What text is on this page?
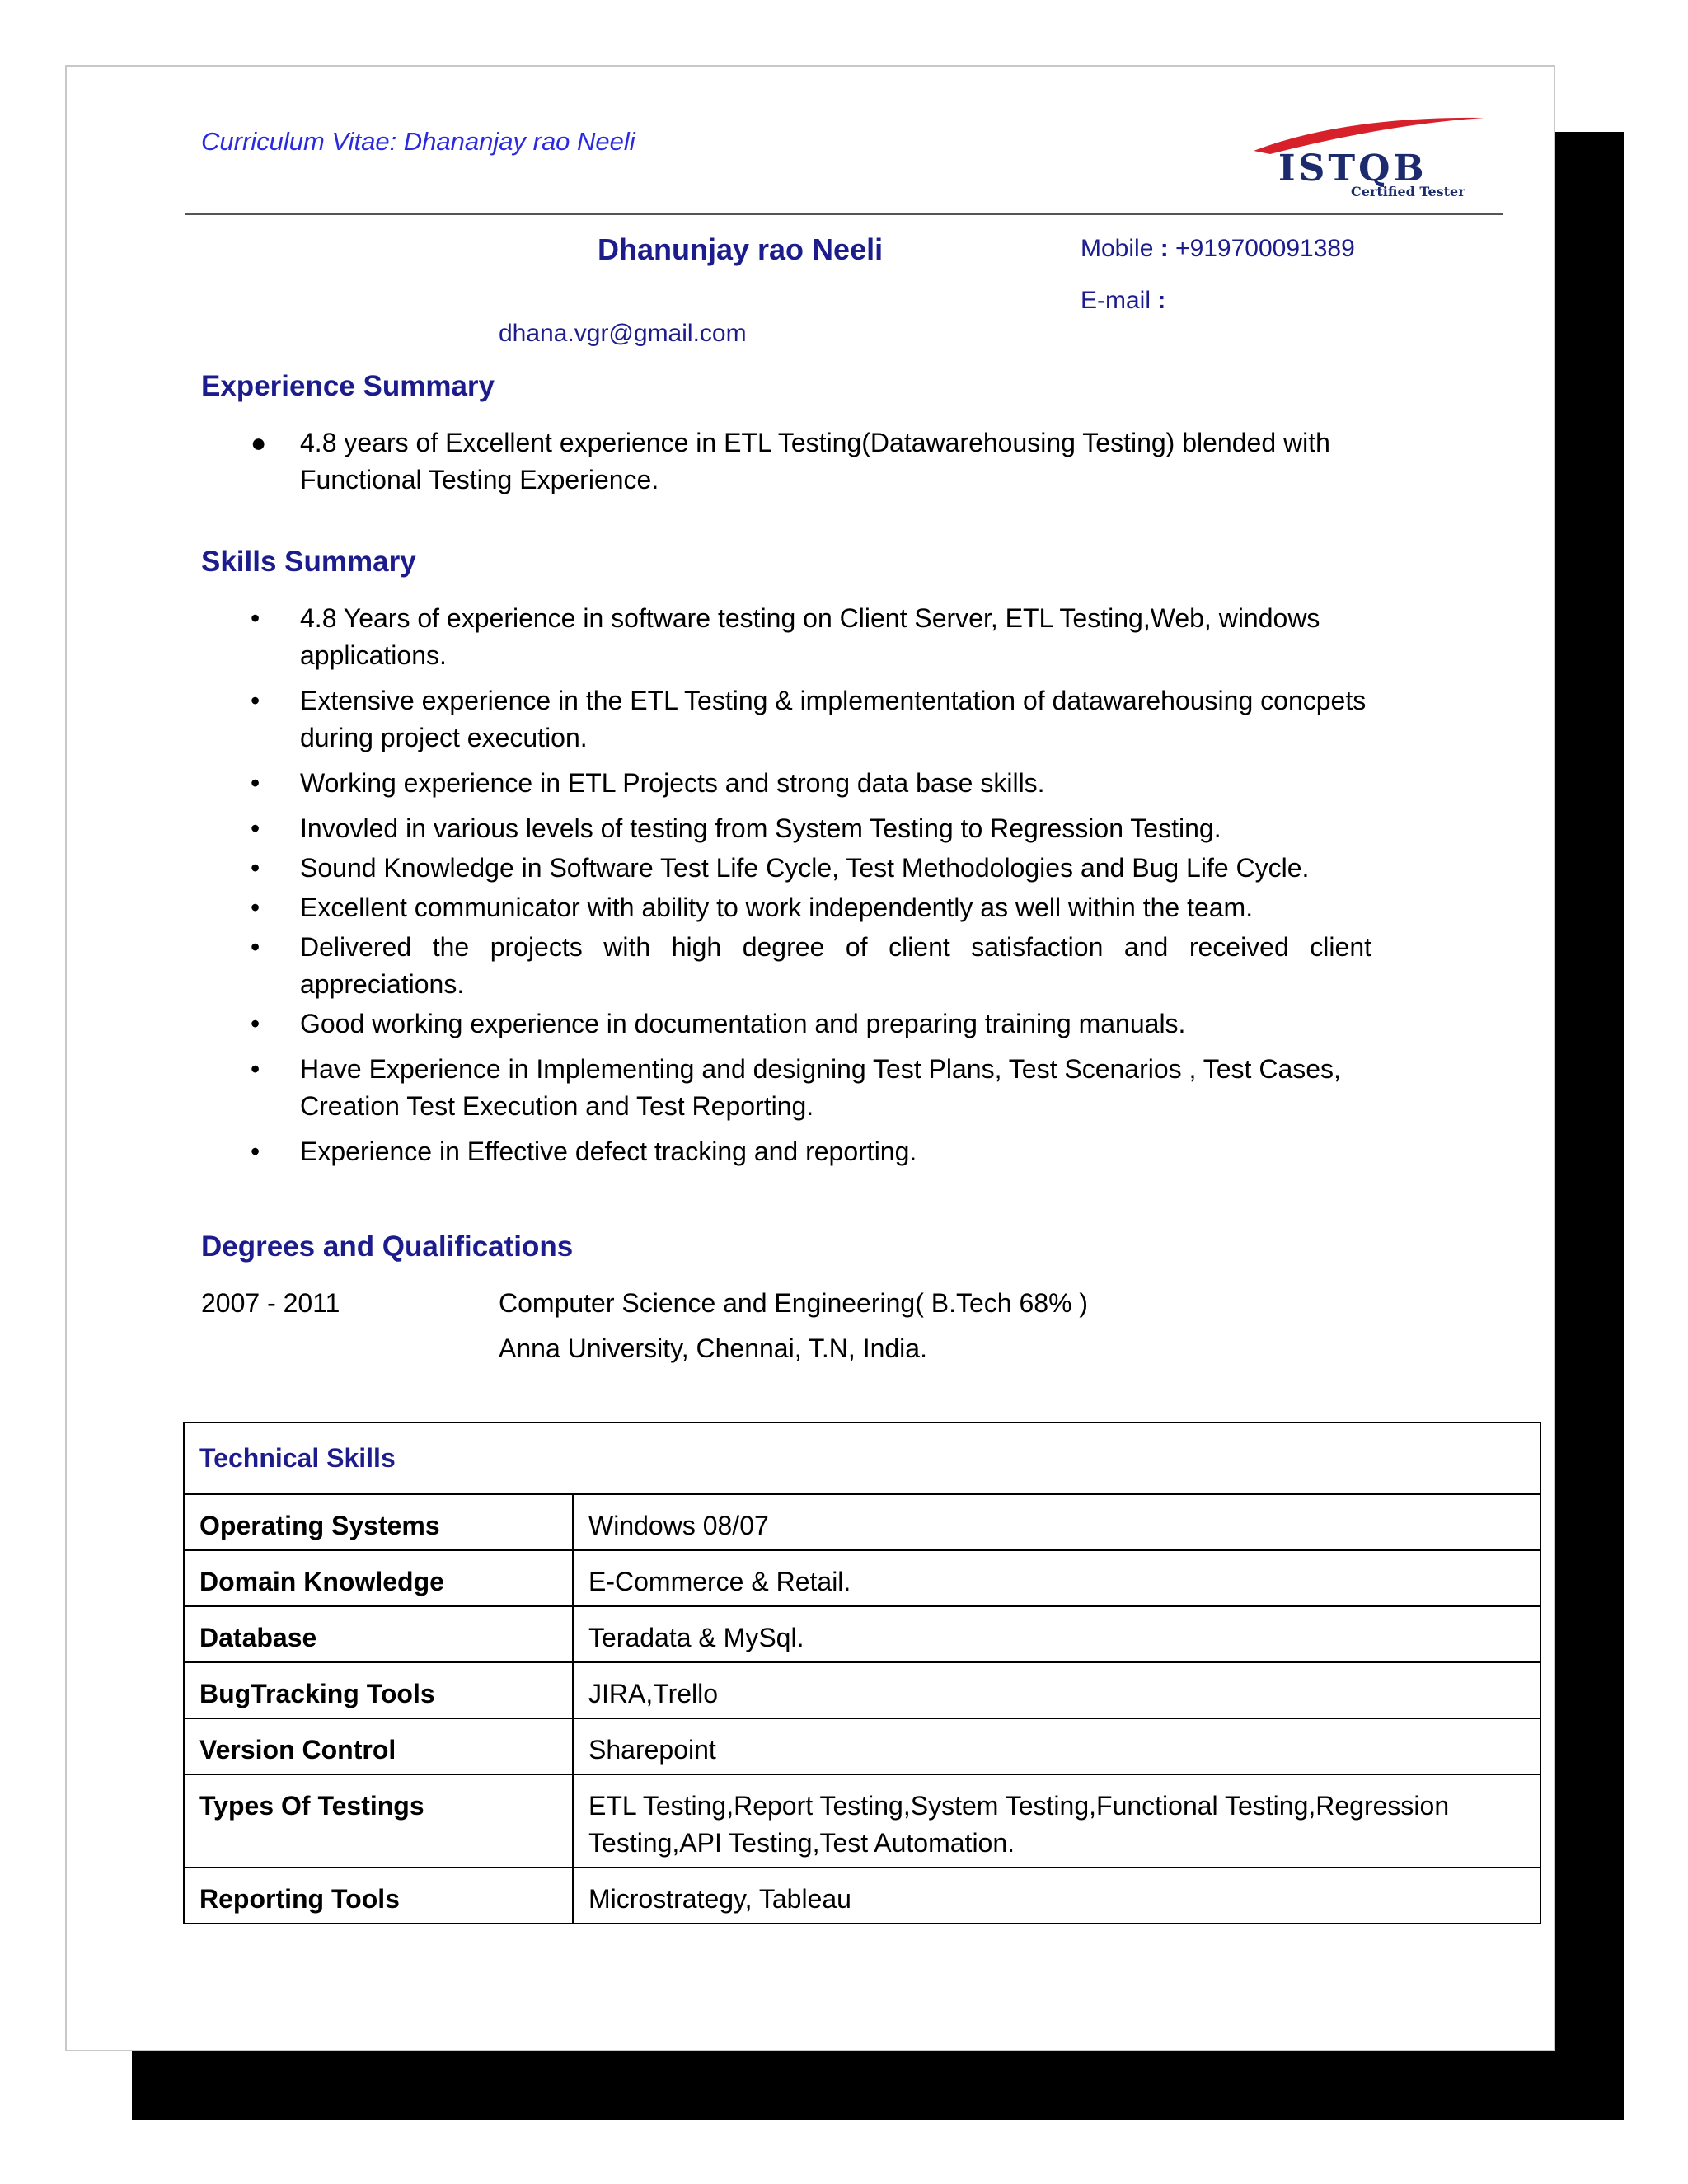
Curriculum Vitae: Dhananjay rao Neeli
ISTQB
Certified Tester
Dhanunjay rao Neeli	Mobile : +919700091389
E-mail :
dhana.vgr@gmail.com
Experience Summary
● 4.8 years of Excellent experience in ETL Testing(Datawarehousing Testing) blended with Functional Testing Experience.
Skills Summary
• 4.8 Years of experience in software testing on Client Server, ETL Testing,Web, windows applications.
• Extensive experience in the ETL Testing & implemententation of datawarehousing concpets during project execution.
• Working experience in ETL Projects and strong data base skills.
• Invovled in various levels of testing from System Testing to Regression Testing.
• Sound Knowledge in Software Test Life Cycle, Test Methodologies and Bug Life Cycle.
• Excellent communicator with ability to work independently as well within the team.
• Delivered the projects with high degree of client satisfaction and received client appreciations.
• Good working experience in documentation and preparing training manuals.
• Have Experience in Implementing and designing Test Plans, Test Scenarios , Test Cases, Creation Test Execution and Test Reporting.
• Experience in Effective defect tracking and reporting.
Degrees and Qualifications
2007 - 2011	Computer Science and Engineering( B.Tech 68% )
Anna University, Chennai, T.N, India.
Technical Skills	
Operating Systems	Windows 08/07
Domain Knowledge	E-Commerce & Retail.
Database	Teradata & MySql.
BugTracking Tools	JIRA,Trello
Version Control	Sharepoint
Types Of Testings	ETL Testing,Report Testing,System Testing,Functional Testing,Regression Testing,API Testing,Test Automation.
Reporting Tools	Microstrategy, Tableau
